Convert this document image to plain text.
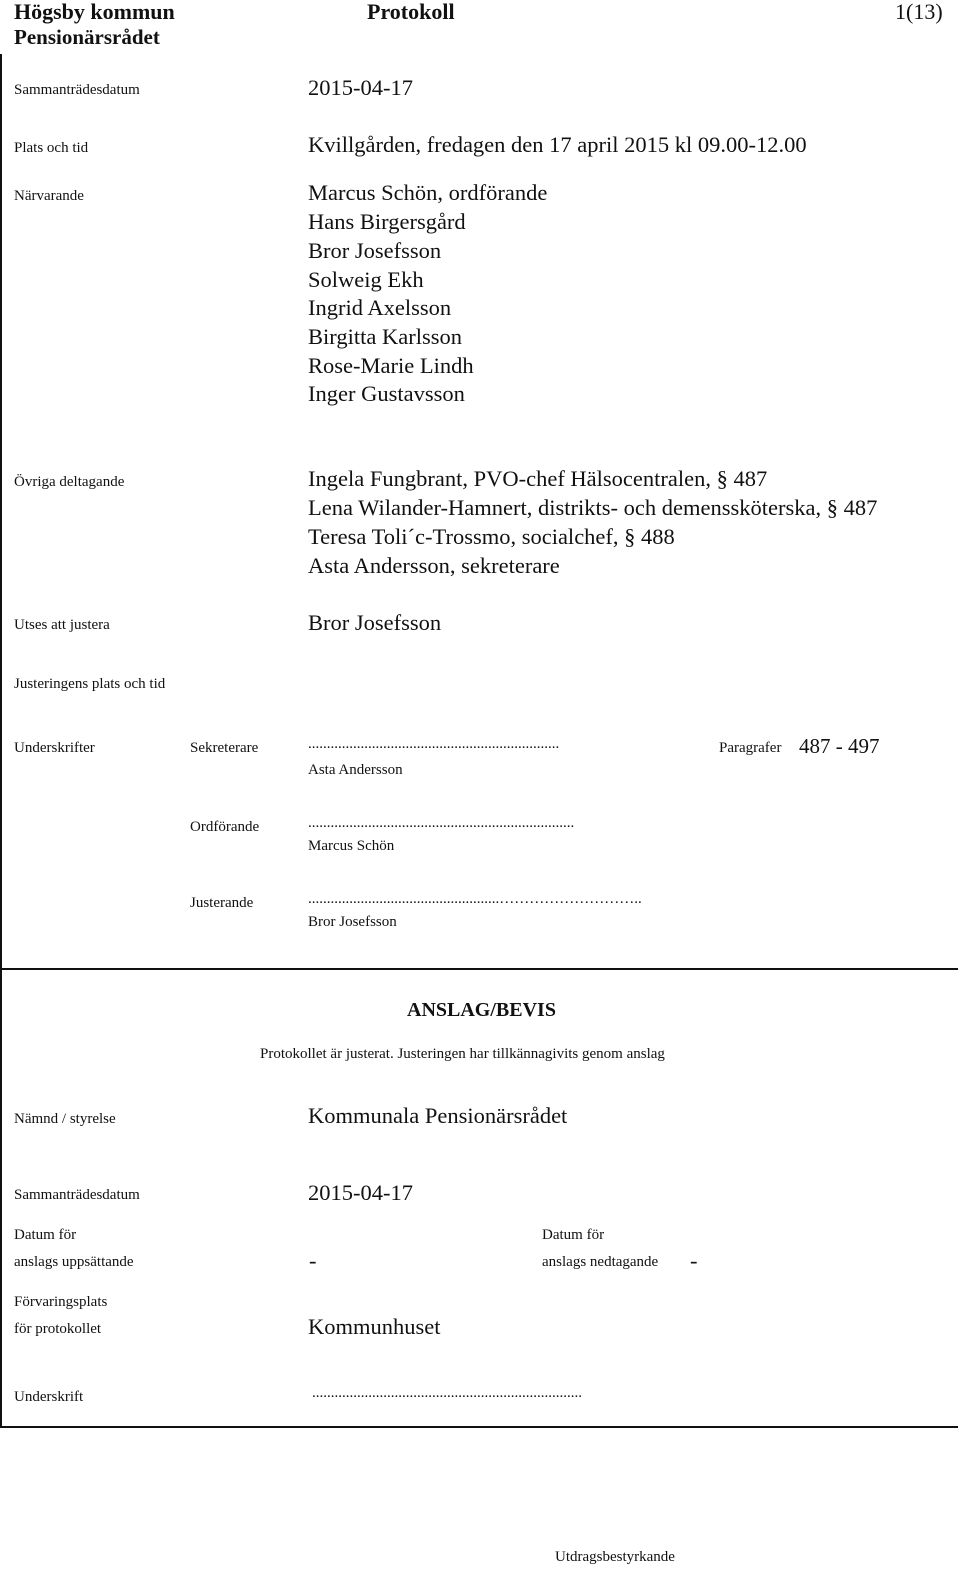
Högsby kommun	Protokoll	1(13)
Pensionärsrådet
Sammanträdesdatum	2015-04-17
Plats och tid	Kvillgården, fredagen den 17 april 2015 kl 09.00-12.00
Närvarande	Marcus Schön, ordförande
Hans Birgersgård
Bror Josefsson
Solweig Ekh
Ingrid Axelsson
Birgitta Karlsson
Rose-Marie Lindh
Inger Gustavsson
Övriga deltagande	Ingela Fungbrant, PVO-chef Hälsocentralen, § 487
Lena Wilander-Hamnert, distrikts- och demenssköterska, § 487
Teresa Toli´c-Trossmo, socialchef, § 488
Asta Andersson, sekreterare
Utses att justera	Bror Josefsson
Justeringens plats och tid
Underskrifter	Sekreterare	...................................................................
Asta Andersson
Paragrafer 487 - 497
Ordförande	.......................................................................
Marcus Schön
Justerande	...................................................………………………..
Bror Josefsson
ANSLAG/BEVIS
Protokollet är justerat. Justeringen har tillkännagivits genom anslag
Nämnd / styrelse	Kommunala Pensionärsrådet
Sammanträdesdatum	2015-04-17
Datum för
anslags uppsättande	-
Datum för
anslags nedtagande -
Förvaringsplats
för protokollet	Kommunhuset
Underskrift	........................................................................
Utdragsbestyrkande
